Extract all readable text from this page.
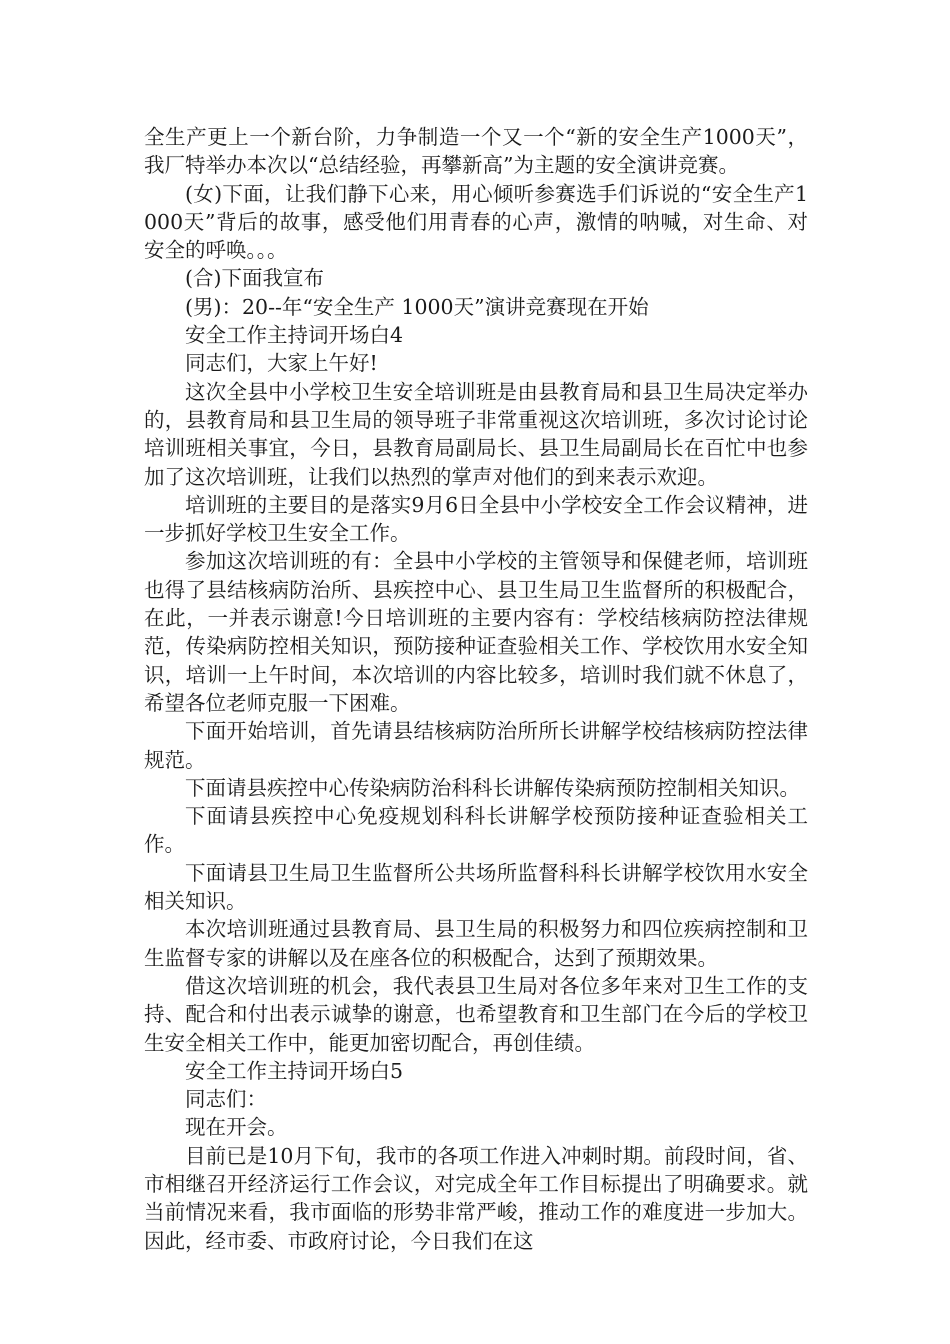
全生产更上一个新台阶，力争制造一个又一个“新的安全生产1000天”，我厂特举办本次以“总结经验，再攀新高”为主题的安全演讲竞赛。

(女)下面，让我们静下心来，用心倾听参赛选手们诉说的“安全生产1000天”背后的故事，感受他们用青春的心声，激情的呐喊，对生命、对安全的呼唤。。。

(合)下面我宣布

(男)：20--年“安全生产 1000天”演讲竞赛现在开始

安全工作主持词开场白4

同志们，大家上午好!

这次全县中小学校卫生安全培训班是由县教育局和县卫生局决定举办的，县教育局和县卫生局的领导班子非常重视这次培训班，多次讨论讨论培训班相关事宜，今日，县教育局副局长、县卫生局副局长在百忙中也参加了这次培训班，让我们以热烈的掌声对他们的到来表示欢迎。

培训班的主要目的是落实9月6日全县中小学校安全工作会议精神，进一步抓好学校卫生安全工作。

参加这次培训班的有：全县中小学校的主管领导和保健老师，培训班也得了县结核病防治所、县疾控中心、县卫生局卫生监督所的积极配合，在此，一并表示谢意!今日培训班的主要内容有：学校结核病防控法律规范，传染病防控相关知识，预防接种证查验相关工作、学校饮用水安全知识，培训一上午时间，本次培训的内容比较多，培训时我们就不休息了，希望各位老师克服一下困难。

下面开始培训，首先请县结核病防治所所长讲解学校结核病防控法律规范。

下面请县疾控中心传染病防治科科长讲解传染病预防控制相关知识。

下面请县疾控中心免疫规划科科长讲解学校预防接种证查验相关工作。

下面请县卫生局卫生监督所公共场所监督科科长讲解学校饮用水安全相关知识。

本次培训班通过县教育局、县卫生局的积极努力和四位疾病控制和卫生监督专家的讲解以及在座各位的积极配合，达到了预期效果。

借这次培训班的机会，我代表县卫生局对各位多年来对卫生工作的支持、配合和付出表示诚挚的谢意，也希望教育和卫生部门在今后的学校卫生安全相关工作中，能更加密切配合，再创佳绩。

安全工作主持词开场白5

同志们：

现在开会。

目前已是10月下旬，我市的各项工作进入冲刺时期。前段时间，省、市相继召开经济运行工作会议，对完成全年工作目标提出了明确要求。就当前情况来看，我市面临的形势非常严峻，推动工作的难度进一步加大。因此，经市委、市政府讨论，今日我们在这
